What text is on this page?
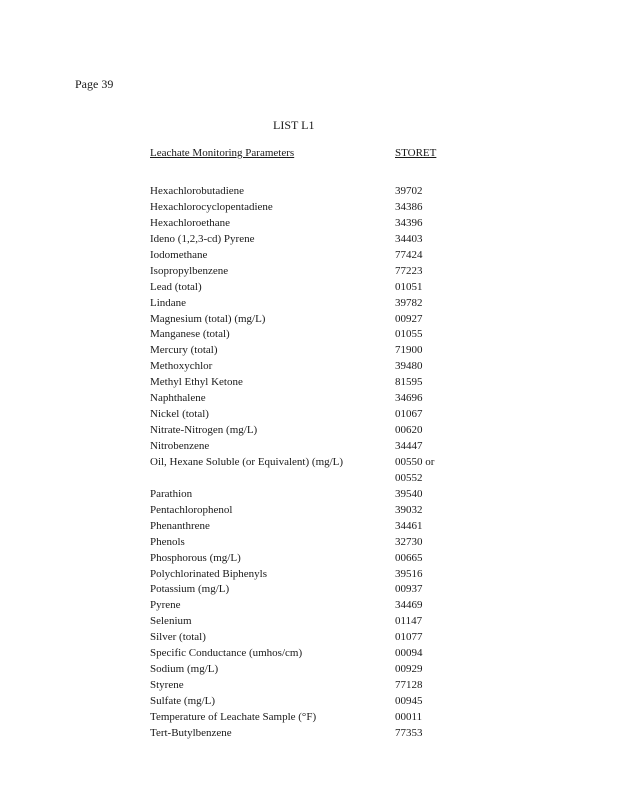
Page 39
LIST L1
Leachate Monitoring Parameters	STORET
Hexachlorobutadiene	39702
Hexachlorocyclopentadiene	34386
Hexachloroethane	34396
Ideno (1,2,3-cd) Pyrene	34403
Iodomethane	77424
Isopropylbenzene	77223
Lead (total)	01051
Lindane	39782
Magnesium (total) (mg/L)	00927
Manganese (total)	01055
Mercury (total)	71900
Methoxychlor	39480
Methyl Ethyl Ketone	81595
Naphthalene	34696
Nickel (total)	01067
Nitrate-Nitrogen (mg/L)	00620
Nitrobenzene	34447
Oil, Hexane Soluble (or Equivalent) (mg/L)	00550 or 00552
Parathion	39540
Pentachlorophenol	39032
Phenanthrene	34461
Phenols	32730
Phosphorous (mg/L)	00665
Polychlorinated Biphenyls	39516
Potassium (mg/L)	00937
Pyrene	34469
Selenium	01147
Silver (total)	01077
Specific Conductance (umhos/cm)	00094
Sodium (mg/L)	00929
Styrene	77128
Sulfate (mg/L)	00945
Temperature of Leachate Sample (°F)	00011
Tert-Butylbenzene	77353
